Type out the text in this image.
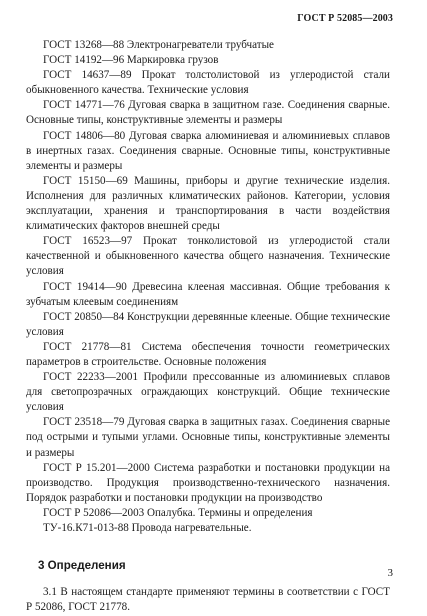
ГОСТ Р 52085—2003

ГОСТ 13268—88 Электронагреватели трубчатые

ГОСТ 14192—96 Маркировка грузов

ГОСТ 14637—89 Прокат толстолистовой из углеродистой стали обыкновенного качества. Технические условия

ГОСТ 14771—76 Дуговая сварка в защитном газе. Соединения сварные. Основные типы, конструктивные элементы и размеры

ГОСТ 14806—80 Дуговая сварка алюминиевая и алюминиевых сплавов в инертных газах. Соединения сварные. Основные типы, конструктивные элементы и размеры

ГОСТ 15150—69 Машины, приборы и другие технические изделия. Исполнения для различных климатических районов. Категории, условия эксплуатации, хранения и транспортирования в части воздействия климатических факторов внешней среды

ГОСТ 16523—97 Прокат тонколистовой из углеродистой стали качественной и обыкновенного качества общего назначения. Технические условия

ГОСТ 19414—90 Древесина клееная массивная. Общие требования к зубчатым клеевым соединениям

ГОСТ 20850—84 Конструкции деревянные клееные. Общие технические условия

ГОСТ 21778—81 Система обеспечения точности геометрических параметров в строительстве. Основные положения

ГОСТ 22233—2001 Профили прессованные из алюминиевых сплавов для светопрозрачных ограждающих конструкций. Общие технические условия

ГОСТ 23518—79 Дуговая сварка в защитных газах. Соединения сварные под острыми и тупыми углами. Основные типы, конструктивные элементы и размеры

ГОСТ Р 15.201—2000 Система разработки и постановки продукции на производство. Продукция производственно-технического назначения. Порядок разработки и постановки продукции на производство

ГОСТ Р 52086—2003 Опалубка. Термины и определения

ТУ-16.К71-013-88 Провода нагревательные.

3 Определения

3.1 В настоящем стандарте применяют термины в соответствии с ГОСТ Р 52086, ГОСТ 21778.

3
